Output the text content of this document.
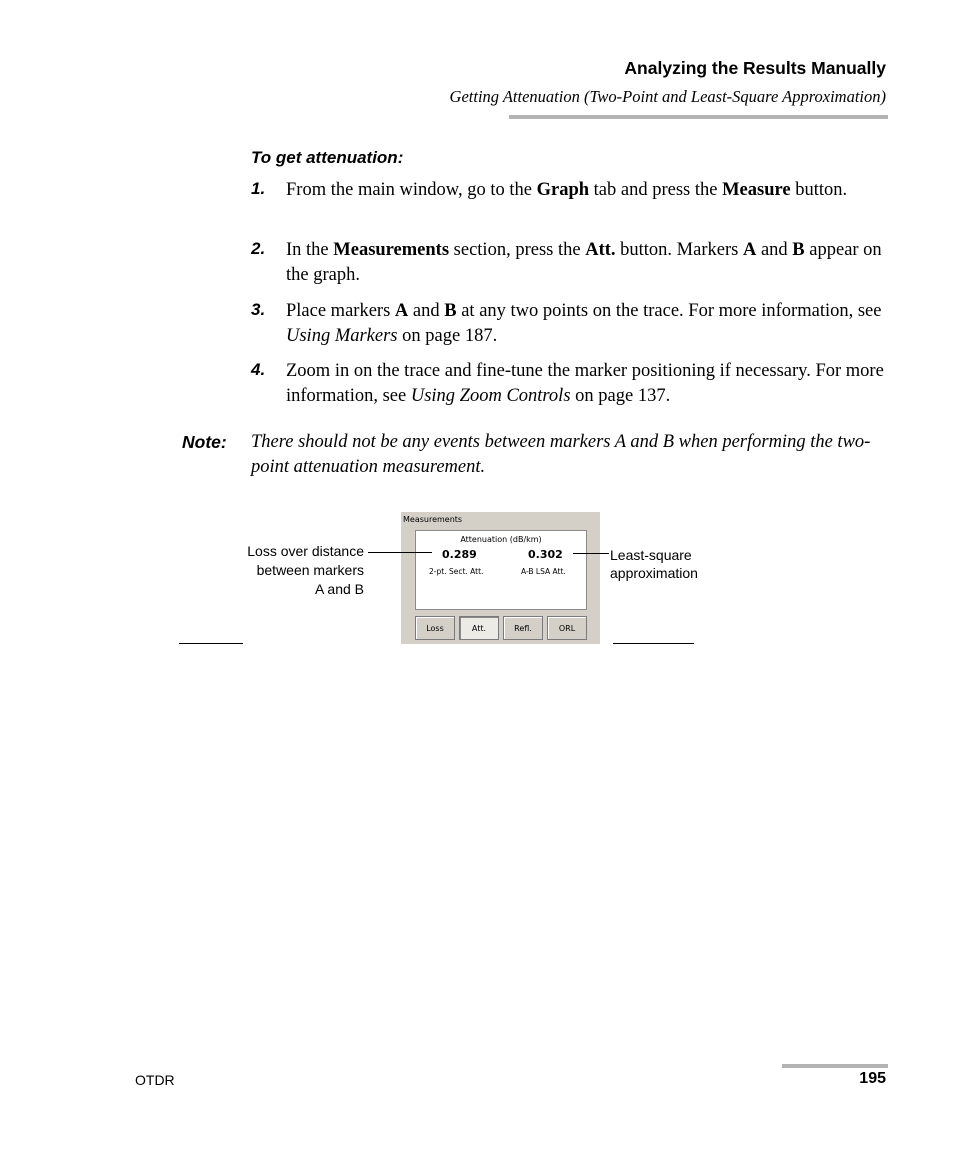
Analyzing the Results Manually
Getting Attenuation (Two-Point and Least-Square Approximation)
To get attenuation:
1. From the main window, go to the Graph tab and press the Measure button.
2. In the Measurements section, press the Att. button. Markers A and B appear on the graph.
3. Place markers A and B at any two points on the trace. For more information, see Using Markers on page 187.
4. Zoom in on the trace and fine-tune the marker positioning if necessary. For more information, see Using Zoom Controls on page 137.
Note: There should not be any events between markers A and B when performing the two-point attenuation measurement.
Measurements
Attenuation (dB/km)
0.289	0.302
2-pt. Sect. Att.	A-B LSA Att.
Loss	Att.	Refl.	ORL
Loss over distance
between markers
A and B
Least-square
approximation
OTDR	195
